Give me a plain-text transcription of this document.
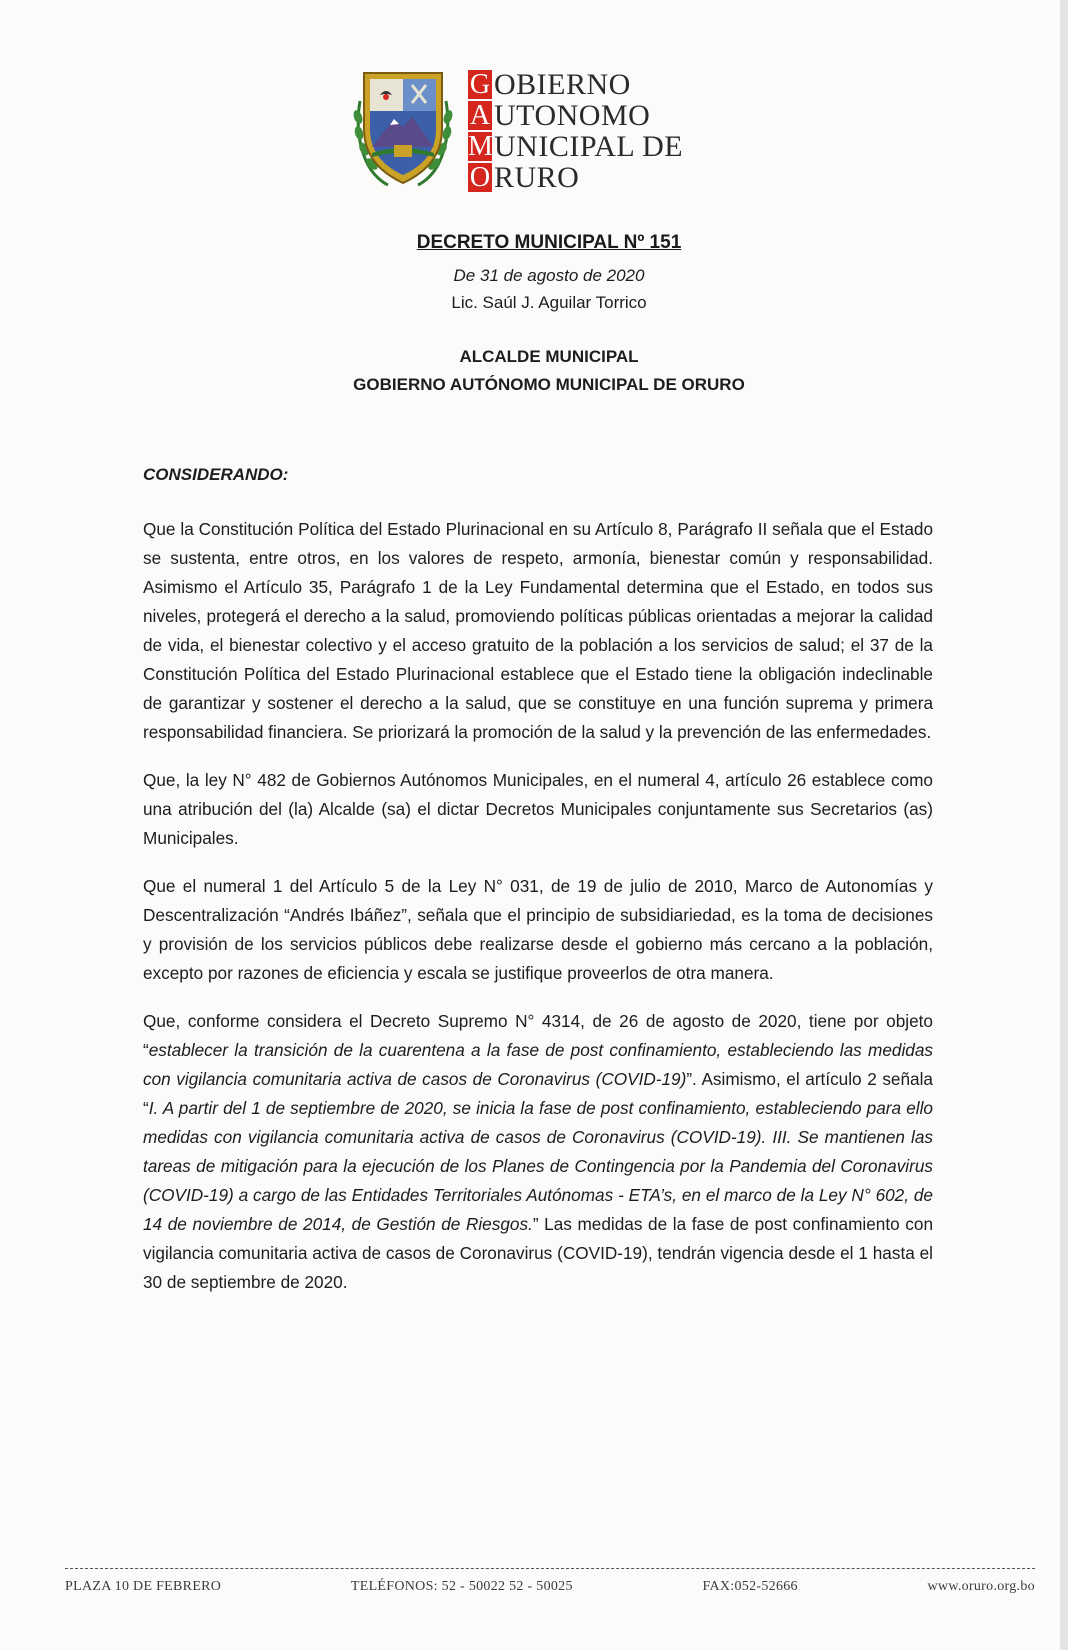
G OBIERNO
A UTONOMO
M UNICIPAL DE
O RURO
DECRETO MUNICIPAL Nº 151
De 31 de agosto de 2020
Lic. Saúl J. Aguilar Torrico
ALCALDE MUNICIPAL
GOBIERNO AUTÓNOMO MUNICIPAL DE ORURO
CONSIDERANDO:

Que la Constitución Política del Estado Plurinacional en su Artículo 8, Parágrafo II señala que el Estado se sustenta, entre otros, en los valores de respeto, armonía, bienestar común y responsabilidad. Asimismo el Artículo 35, Parágrafo 1 de la Ley Fundamental determina que el Estado, en todos sus niveles, protegerá el derecho a la salud, promoviendo políticas públicas orientadas a mejorar la calidad de vida, el bienestar colectivo y el acceso gratuito de la población a los servicios de salud; el 37 de la Constitución Política del Estado Plurinacional establece que el Estado tiene la obligación indeclinable de garantizar y sostener el derecho a la salud, que se constituye en una función suprema y primera responsabilidad financiera. Se priorizará la promoción de la salud y la prevención de las enfermedades.

Que, la ley N° 482 de Gobiernos Autónomos Municipales, en el numeral 4, artículo 26 establece como una atribución del (la) Alcalde (sa) el dictar Decretos Municipales conjuntamente sus Secretarios (as) Municipales.

Que el numeral 1 del Artículo 5 de la Ley N° 031, de 19 de julio de 2010, Marco de Autonomías y Descentralización “Andrés Ibáñez”, señala que el principio de subsidiariedad, es la toma de decisiones y provisión de los servicios públicos debe realizarse desde el gobierno más cercano a la población, excepto por razones de eficiencia y escala se justifique proveerlos de otra manera.

Que, conforme considera el Decreto Supremo N° 4314, de 26 de agosto de 2020, tiene por objeto “establecer la transición de la cuarentena a la fase de post confinamiento, estableciendo las medidas con vigilancia comunitaria activa de casos de Coronavirus (COVID-19)”. Asimismo, el artículo 2 señala “I. A partir del 1 de septiembre de 2020, se inicia la fase de post confinamiento, estableciendo para ello medidas con vigilancia comunitaria activa de casos de Coronavirus (COVID-19). III. Se mantienen las tareas de mitigación para la ejecución de los Planes de Contingencia por la Pandemia del Coronavirus (COVID-19) a cargo de las Entidades Territoriales Autónomas - ETA’s, en el marco de la Ley N° 602, de 14 de noviembre de 2014, de Gestión de Riesgos.” Las medidas de la fase de post confinamiento con vigilancia comunitaria activa de casos de Coronavirus (COVID-19), tendrán vigencia desde el 1 hasta el 30 de septiembre de 2020.

PLAZA 10 DE FEBRERO	TELÉFONOS: 52 - 50022 52 - 50025	FAX:052-52666	www.oruro.org.bo
